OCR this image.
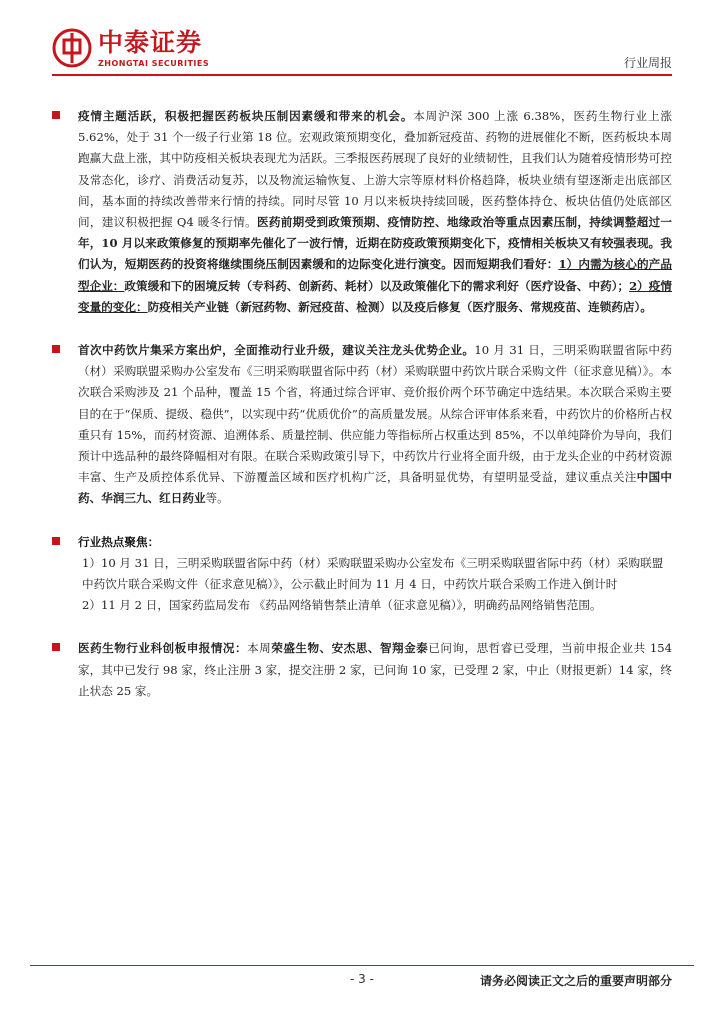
中泰证券
ZHONGTAI SECURITIES	行业周报

疫情主题活跃，积极把握医药板块压制因素缓和带来的机会。本周沪深 300 上涨 6.38%，医药生物行业上涨 5.62%，处于 31 个一级子行业第 18 位。宏观政策预期变化，叠加新冠疫苗、药物的进展催化不断，医药板块本周跑赢大盘上涨，其中防疫相关板块表现尤为活跃。三季报医药展现了良好的业绩韧性，且我们认为随着疫情形势可控及常态化，诊疗、消费活动复苏，以及物流运输恢复、上游大宗等原材料价格趋降，板块业绩有望逐渐走出底部区间，基本面的持续改善带来行情的持续。同时尽管 10 月以来板块持续回暖，医药整体持仓、板块估值仍处底部区间，建议积极把握 Q4 暖冬行情。医药前期受到政策预期、疫情防控、地缘政治等重点因素压制，持续调整超过一年，10 月以来政策修复的预期率先催化了一波行情，近期在防疫政策预期变化下，疫情相关板块又有较强表现。我们认为，短期医药的投资将继续围绕压制因素缓和的边际变化进行演变。因而短期我们看好：1）内需为核心的产品型企业：政策缓和下的困境反转（专科药、创新药、耗材）以及政策催化下的需求利好（医疗设备、中药）；2）疫情变量的变化：防疫相关产业链（新冠药物、新冠疫苗、检测）以及疫后修复（医疗服务、常规疫苗、连锁药店）。

首次中药饮片集采方案出炉，全面推动行业升级，建议关注龙头优势企业。10 月 31 日，三明采购联盟省际中药（材）采购联盟采购办公室发布《三明采购联盟省际中药（材）采购联盟中药饮片联合采购文件（征求意见稿）》。本次联合采购涉及 21 个品种，覆盖 15 个省，将通过综合评审、竞价报价两个环节确定中选结果。本次联合采购主要目的在于“保质、提级、稳供”，以实现中药“优质优价”的高质量发展。从综合评审体系来看，中药饮片的价格所占权重只有 15%，而药材资源、追溯体系、质量控制、供应能力等指标所占权重达到 85%，不以单纯降价为导向，我们预计中选品种的最终降幅相对有限。在联合采购政策引导下，中药饮片行业将全面升级，由于龙头企业的中药材资源丰富、生产及质控体系优异、下游覆盖区域和医疗机构广泛，具备明显优势，有望明显受益，建议重点关注中国中药、华润三九、红日药业等。

行业热点聚焦：
1）10 月 31 日，三明采购联盟省际中药（材）采购联盟采购办公室发布《三明采购联盟省际中药（材）采购联盟中药饮片联合采购文件（征求意见稿）》，公示截止时间为 11 月 4 日，中药饮片联合采购工作进入倒计时
2）11 月 2 日，国家药监局发布 《药品网络销售禁止清单（征求意见稿）》，明确药品网络销售范围。

医药生物行业科创板申报情况：本周荣盛生物、安杰思、智翔金泰已问询，思哲睿已受理，当前申报企业共 154 家，其中已发行 98 家，终止注册 3 家，提交注册 2 家，已问询 10 家，已受理 2 家，中止（财报更新）14 家，终止状态 25 家。

- 3 -	请务必阅读正文之后的重要声明部分
